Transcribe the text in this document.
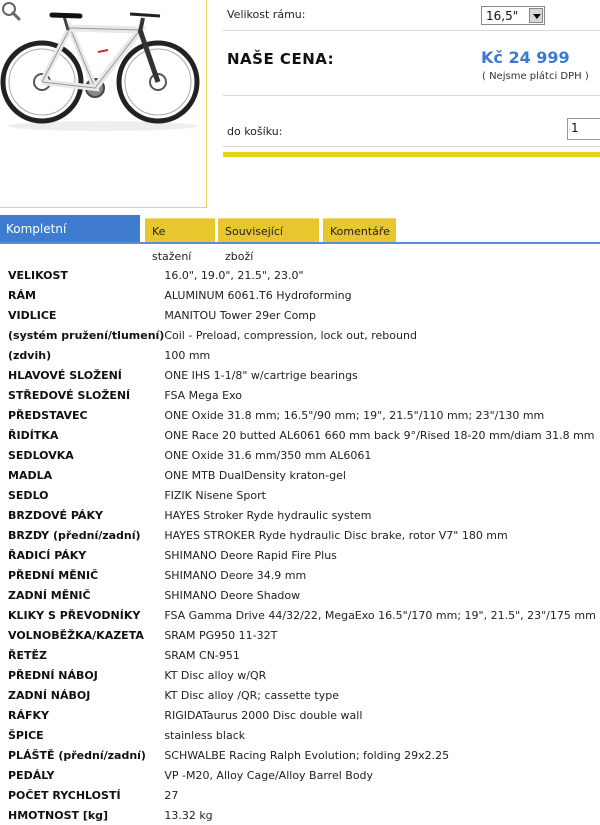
Velikost rámu:	16,5"
NAŠE CENA:	Kč 24 999
( Nejsme plátci DPH )
do košíku:	1
Kompletní specifikace
Ke stažení
Související zboží
Komentáře
VELIKOST	16.0", 19.0", 21.5", 23.0"
RÁM	ALUMINUM 6061.T6 Hydroforming
VIDLICE	MANITOU Tower 29er Comp
(systém pružení/tlumení)	Coil - Preload, compression, lock out, rebound
(zdvih)	100 mm
HLAVOVÉ SLOŽENÍ	ONE IHS 1-1/8" w/cartrige bearings
STŘEDOVÉ SLOŽENÍ	FSA Mega Exo
PŘEDSTAVEC	ONE Oxide 31.8 mm; 16.5"/90 mm; 19", 21.5"/110 mm; 23"/130 mm
ŘIDÍTKA	ONE Race 20 butted AL6061 660 mm back 9°/Rised 18-20 mm/diam 31.8 mm
SEDLOVKA	ONE Oxide 31.6 mm/350 mm AL6061
MADLA	ONE MTB DualDensity kraton-gel
SEDLO	FIZIK Nisene Sport
BRZDOVÉ PÁKY	HAYES Stroker Ryde hydraulic system
BRZDY (přední/zadní)	HAYES STROKER Ryde hydraulic Disc brake, rotor V7" 180 mm
ŘADICÍ PÁKY	SHIMANO Deore Rapid Fire Plus
PŘEDNÍ MĚNIČ	SHIMANO Deore 34.9 mm
ZADNÍ MĚNIČ	SHIMANO Deore Shadow
KLIKY S PŘEVODNÍKY	FSA Gamma Drive 44/32/22, MegaExo 16.5"/170 mm; 19", 21.5", 23"/175 mm
VOLNOBĚŽKA/KAZETA	SRAM PG950 11-32T
ŘETĚZ	SRAM CN-951
PŘEDNÍ NÁBOJ	KT Disc alloy w/QR
ZADNÍ NÁBOJ	KT Disc alloy /QR; cassette type
RÁFKY	RIGIDATaurus 2000 Disc double wall
ŠPICE	stainless black
PLÁŠTĚ (přední/zadní)	SCHWALBE Racing Ralph Evolution; folding 29x2.25
PEDÁLY	VP -M20, Alloy Cage/Alloy Barrel Body
POČET RYCHLOSTÍ	27
HMOTNOST [kg]	13.32 kg
